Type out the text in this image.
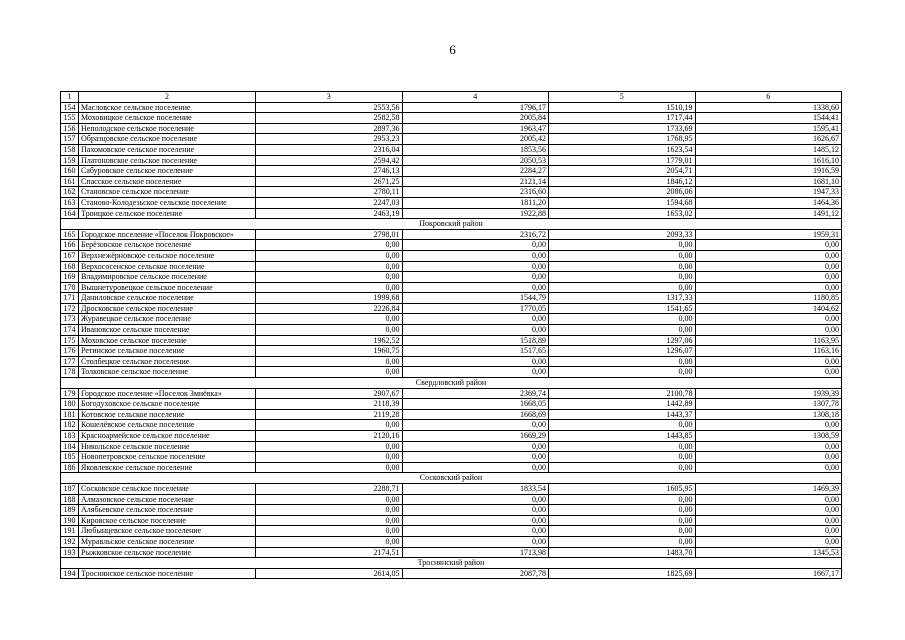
6
1	2	3	4	5	6
154	Масловское сельское поселение	2553,56	1796,17	1510,19	1338,60
155	Моховицкое сельское поселение	2582,58	2005,84	1717,44	1544,41
156	Неполодское сельское поселение	2897,36	1963,47	1733,69	1595,41
157	Образцовское сельское поселение	2953,23	2005,42	1768,95	1626,67
158	Пахомовское сельское поселение	2316,04	1853,56	1623,54	1485,12
159	Платоновское сельское поселение	2594,42	2050,53	1779,01	1616,10
160	Сабуровское сельское поселение	2746,13	2284,27	2054,71	1916,59
161	Спасское сельское поселение	2671,25	2121,14	1846,12	1681,10
162	Становское сельское поселение	2780,11	2316,60	2086,06	1947,33
163	Станово-Колодезьское сельское поселение	2247,03	1811,20	1594,68	1464,36
164	Троицкое сельское поселение	2463,19	1922,88	1653,02	1491,12
Покровский район					
165	Городское поселение «Поселок Покровское»	2798,01	2316,72	2093,33	1959,31
166	Берёзовское сельское поселение	0,00	0,00	0,00	0,00
167	Верхнежёрновское сельское поселение	0,00	0,00	0,00	0,00
168	Верхососенское сельское поселение	0,00	0,00	0,00	0,00
169	Владимировское сельское поселение	0,00	0,00	0,00	0,00
170	Вышнетуровецкое сельское поселение	0,00	0,00	0,00	0,00
171	Даниловское сельское поселение	1999,68	1544,79	1317,33	1180,85
172	Дросковское сельское поселение	2226,84	1770,05	1541,65	1404,62
173	Журавецкое сельское поселение	0,00	0,00	0,00	0,00
174	Ивановское сельское поселение	0,00	0,00	0,00	0,00
175	Моховское сельское поселение	1962,52	1518,89	1297,06	1163,95
176	Ретинское сельское поселение	1960,75	1517,65	1296,07	1163,16
177	Столбецкое сельское поселение	0,00	0,00	0,00	0,00
178	Толковское сельское поселение	0,00	0,00	0,00	0,00
Свердловский район					
179	Городское поселение «Поселок Змиёвка»	2907,67	2369,74	2100,78	1939,39
180	Богодуховское сельское поселение	2118,39	1668,05	1442,89	1307,78
181	Котовское сельское поселение	2119,28	1668,69	1443,37	1308,18
182	Кошелёвское сельское поселение	0,00	0,00	0,00	0,00
183	Красноармейское сельское поселение	2120,16	1669,29	1443,85	1308,59
184	Никольское сельское поселение	0,00	0,00	0,00	0,00
185	Новопетровское сельское поселение	0,00	0,00	0,00	0,00
186	Яковлевское сельское поселение	0,00	0,00	0,00	0,00
Сосковский район					
187	Сосковское сельское поселение	2288,71	1833,54	1605,95	1469,39
188	Алмазовское сельское поселение	0,00	0,00	0,00	0,00
189	Алябьевское сельское поселение	0,00	0,00	0,00	0,00
190	Кировское сельское поселение	0,00	0,00	0,00	0,00
191	Любынцевское сельское поселение	0,00	0,00	0,00	0,00
192	Муравльское сельское поселение	0,00	0,00	0,00	0,00
193	Рыжковское сельское поселение	2174,51	1713,98	1483,70	1345,53
Троснянский район					
194	Троснянское сельское поселение	2614,05	2087,78	1825,69	1667,17
